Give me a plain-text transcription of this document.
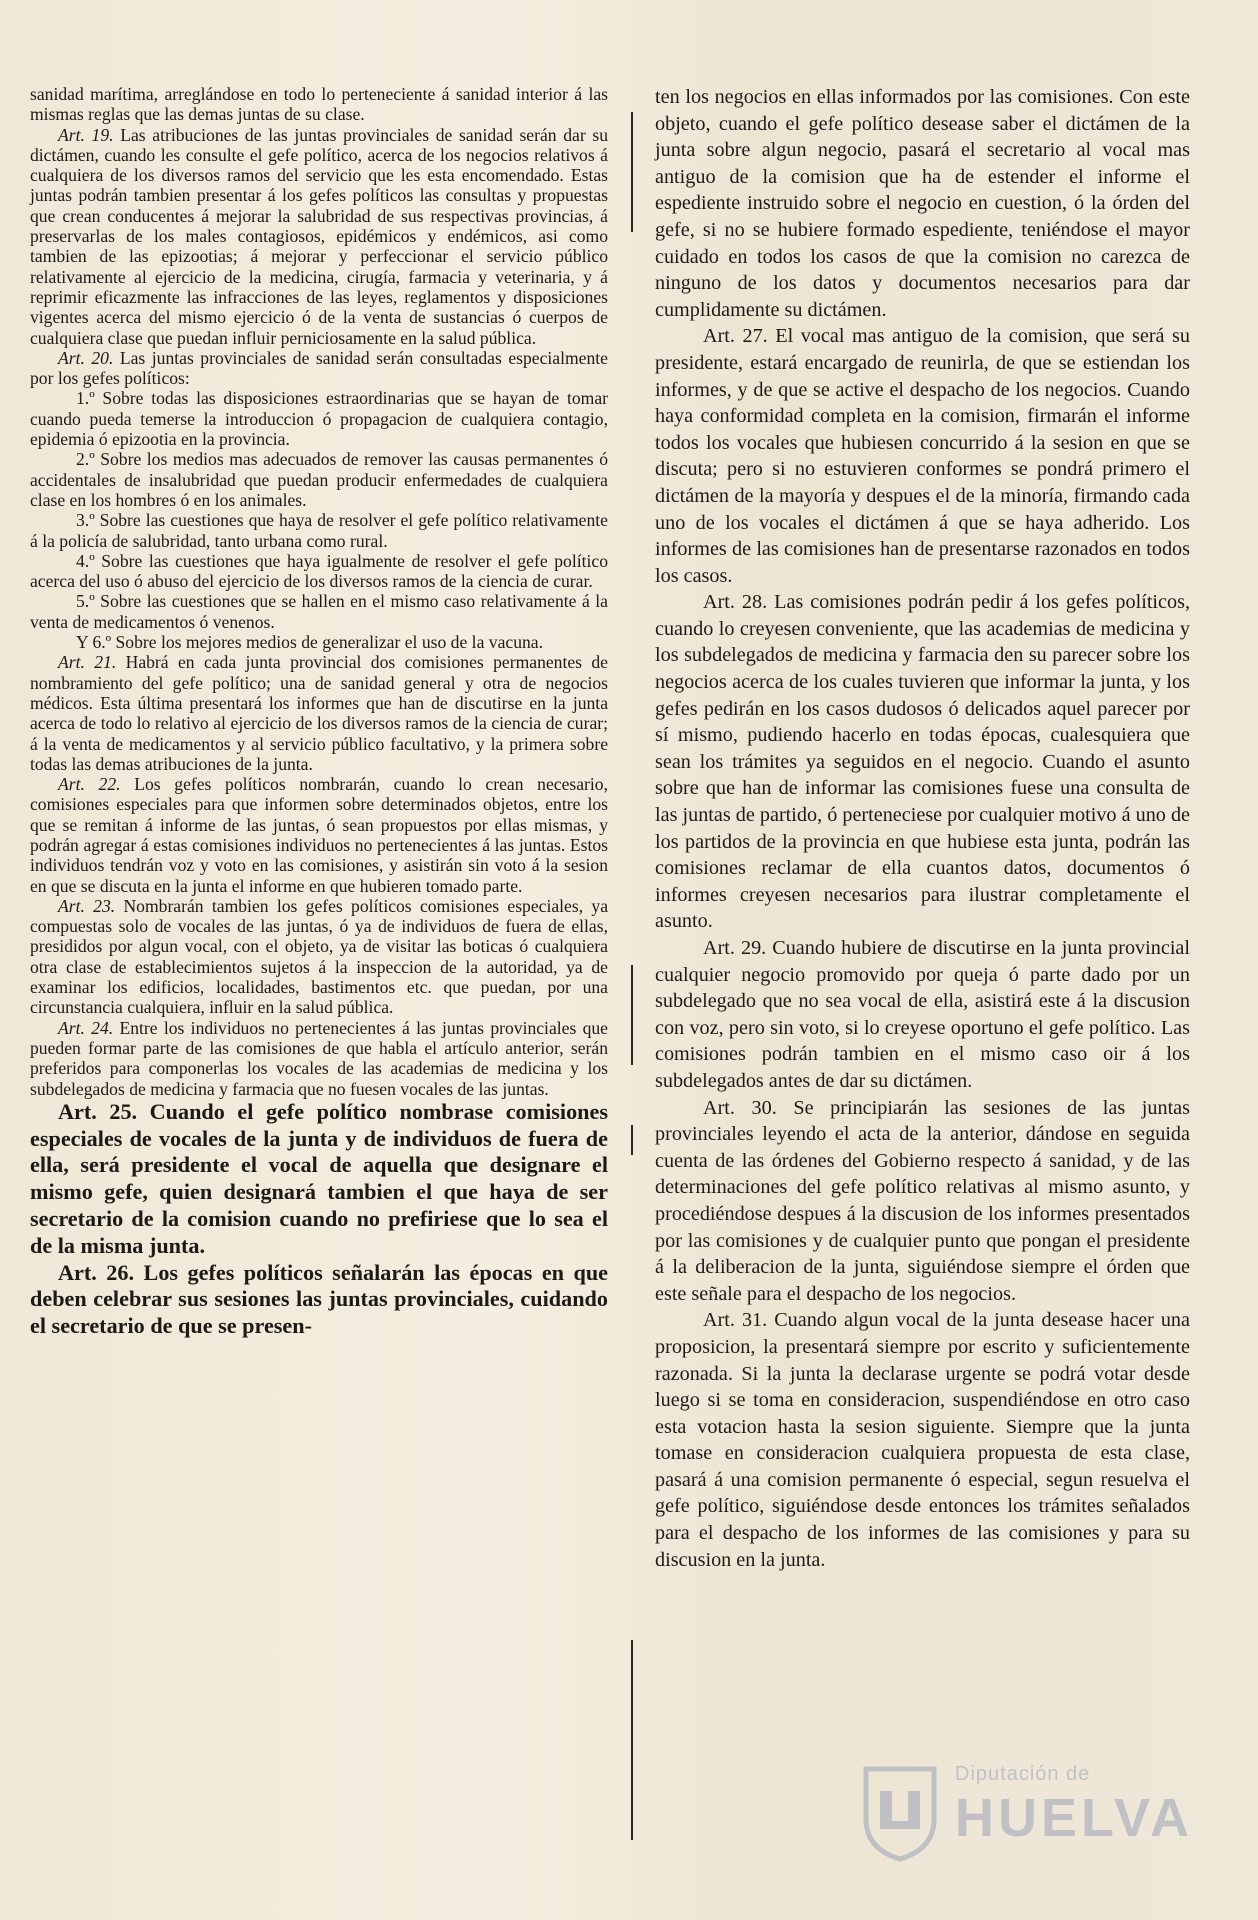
sanidad marítima, arreglándose en todo lo perteneciente á sanidad interior á las mismas reglas que las demas juntas de su clase.

Art. 19. Las atribuciones de las juntas provinciales de sanidad serán dar su dictámen, cuando les consulte el gefe político, acerca de los negocios relativos á cualquiera de los diversos ramos del servicio que les esta encomendado. Estas juntas podrán tambien presentar á los gefes políticos las consultas y propuestas que crean conducentes á mejorar la salubridad de sus respectivas provincias, á preservarlas de los males contagiosos, epidémicos y endémicos, asi como tambien de las epizootias; á mejorar y perfeccionar el servicio público relativamente al ejercicio de la medicina, cirugía, farmacia y veterinaria, y á reprimir eficazmente las infracciones de las leyes, reglamentos y disposiciones vigentes acerca del mismo ejercicio ó de la venta de sustancias ó cuerpos de cualquiera clase que puedan influir perniciosamente en la salud pública.

Art. 20. Las juntas provinciales de sanidad serán consultadas especialmente por los gefes políticos:

1.º Sobre todas las disposiciones estraordinarias que se hayan de tomar cuando pueda temerse la introduccion ó propagacion de cualquiera contagio, epidemia ó epizootia en la provincia.

2.º Sobre los medios mas adecuados de remover las causas permanentes ó accidentales de insalubridad que puedan producir enfermedades de cualquiera clase en los hombres ó en los animales.

3.º Sobre las cuestiones que haya de resolver el gefe político relativamente á la policía de salubridad, tanto urbana como rural.

4.º Sobre las cuestiones que haya igualmente de resolver el gefe político acerca del uso ó abuso del ejercicio de los diversos ramos de la ciencia de curar.

5.º Sobre las cuestiones que se hallen en el mismo caso relativamente á la venta de medicamentos ó venenos.

Y 6.º Sobre los mejores medios de generalizar el uso de la vacuna.

Art. 21. Habrá en cada junta provincial dos comisiones permanentes de nombramiento del gefe político; una de sanidad general y otra de negocios médicos. Esta última presentará los informes que han de discutirse en la junta acerca de todo lo relativo al ejercicio de los diversos ramos de la ciencia de curar; á la venta de medicamentos y al servicio público facultativo, y la primera sobre todas las demas atribuciones de la junta.

Art. 22. Los gefes políticos nombrarán, cuando lo crean necesario, comisiones especiales para que informen sobre determinados objetos, entre los que se remitan á informe de las juntas, ó sean propuestos por ellas mismas, y podrán agregar á estas comisiones individuos no pertenecientes á las juntas. Estos individuos tendrán voz y voto en las comisiones, y asistirán sin voto á la sesion en que se discuta en la junta el informe en que hubieren tomado parte.

Art. 23. Nombrarán tambien los gefes políticos comisiones especiales, ya compuestas solo de vocales de las juntas, ó ya de individuos de fuera de ellas, presididos por algun vocal, con el objeto, ya de visitar las boticas ó cualquiera otra clase de establecimientos sujetos á la inspeccion de la autoridad, ya de examinar los edificios, localidades, bastimentos etc. que puedan, por una circunstancia cualquiera, influir en la salud pública.

Art. 24. Entre los individuos no pertenecientes á las juntas provinciales que pueden formar parte de las comisiones de que habla el artículo anterior, serán preferidos para componerlas los vocales de las academias de medicina y los subdelegados de medicina y farmacia que no fuesen vocales de las juntas.

Art. 25. Cuando el gefe político nombrase comisiones especiales de vocales de la junta y de individuos de fuera de ella, será presidente el vocal de aquella que designare el mismo gefe, quien designará tambien el que haya de ser secretario de la comision cuando no prefiriese que lo sea el de la misma junta.

Art. 26. Los gefes políticos señalarán las épocas en que deben celebrar sus sesiones las juntas provinciales, cuidando el secretario de que se presen-

ten los negocios en ellas informados por las comisiones. Con este objeto, cuando el gefe político desease saber el dictámen de la junta sobre algun negocio, pasará el secretario al vocal mas antiguo de la comision que ha de estender el informe el espediente instruido sobre el negocio en cuestion, ó la órden del gefe, si no se hubiere formado espediente, teniéndose el mayor cuidado en todos los casos de que la comision no carezca de ninguno de los datos y documentos necesarios para dar cumplidamente su dictámen.

Art. 27. El vocal mas antiguo de la comision, que será su presidente, estará encargado de reunirla, de que se estiendan los informes, y de que se active el despacho de los negocios. Cuando haya conformidad completa en la comision, firmarán el informe todos los vocales que hubiesen concurrido á la sesion en que se discuta; pero si no estuvieren conformes se pondrá primero el dictámen de la mayoría y despues el de la minoría, firmando cada uno de los vocales el dictámen á que se haya adherido. Los informes de las comisiones han de presentarse razonados en todos los casos.

Art. 28. Las comisiones podrán pedir á los gefes políticos, cuando lo creyesen conveniente, que las academias de medicina y los subdelegados de medicina y farmacia den su parecer sobre los negocios acerca de los cuales tuvieren que informar la junta, y los gefes pedirán en los casos dudosos ó delicados aquel parecer por sí mismo, pudiendo hacerlo en todas épocas, cualesquiera que sean los trámites ya seguidos en el negocio. Cuando el asunto sobre que han de informar las comisiones fuese una consulta de las juntas de partido, ó perteneciese por cualquier motivo á uno de los partidos de la provincia en que hubiese esta junta, podrán las comisiones reclamar de ella cuantos datos, documentos ó informes creyesen necesarios para ilustrar completamente el asunto.

Art. 29. Cuando hubiere de discutirse en la junta provincial cualquier negocio promovido por queja ó parte dado por un subdelegado que no sea vocal de ella, asistirá este á la discusion con voz, pero sin voto, si lo creyese oportuno el gefe político. Las comisiones podrán tambien en el mismo caso oir á los subdelegados antes de dar su dictámen.

Art. 30. Se principiarán las sesiones de las juntas provinciales leyendo el acta de la anterior, dándose en seguida cuenta de las órdenes del Gobierno respecto á sanidad, y de las determinaciones del gefe político relativas al mismo asunto, y procediéndose despues á la discusion de los informes presentados por las comisiones y de cualquier punto que pongan el presidente á la deliberacion de la junta, siguiéndose siempre el órden que este señale para el despacho de los negocios.

Art. 31. Cuando algun vocal de la junta desease hacer una proposicion, la presentará siempre por escrito y suficientemente razonada. Si la junta la declarase urgente se podrá votar desde luego si se toma en consideracion, suspendiéndose en otro caso esta votacion hasta la sesion siguiente. Siempre que la junta tomase en consideracion cualquiera propuesta de esta clase, pasará á una comision permanente ó especial, segun resuelva el gefe político, siguiéndose desde entonces los trámites señalados para el despacho de los informes de las comisiones y para su discusion en la junta.

Diputación de
HUELVA
